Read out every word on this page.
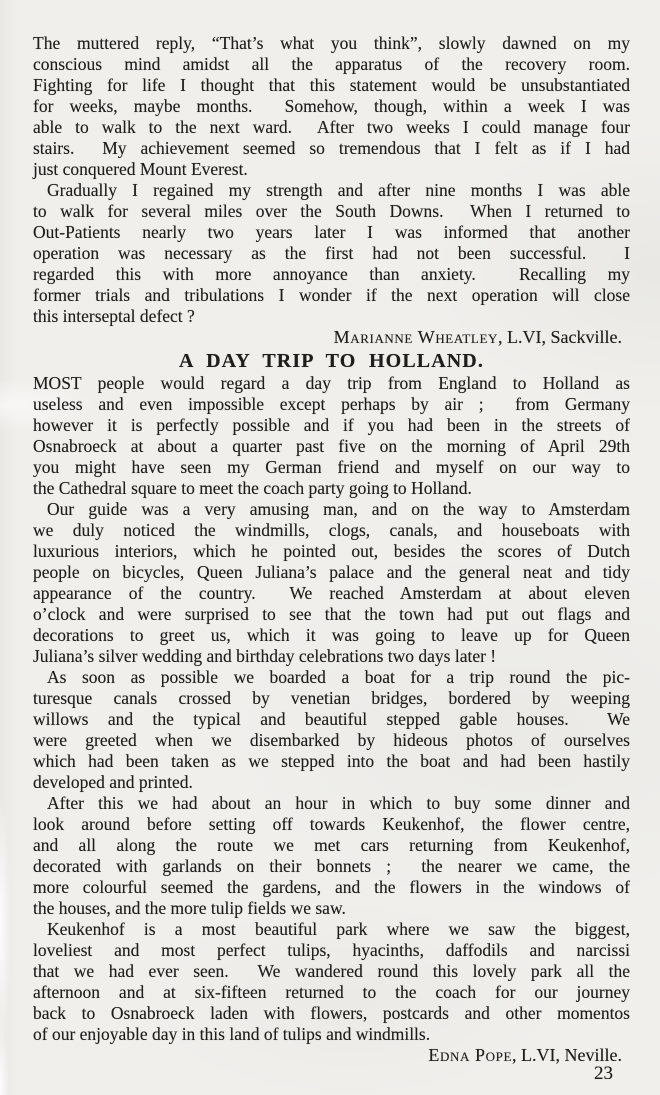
The muttered reply, “That’s what you think”, slowly dawned on my
conscious mind amidst all the apparatus of the recovery room.
Fighting for life I thought that this statement would be unsubstantiated
for weeks, maybe months.  Somehow, though, within a week I was
able to walk to the next ward.  After two weeks I could manage four
stairs.  My achievement seemed so tremendous that I felt as if I had
just conquered Mount Everest.
Gradually I regained my strength and after nine months I was able
to walk for several miles over the South Downs.  When I returned to
Out-Patients nearly two years later I was informed that another
operation was necessary as the first had not been successful.  I
regarded this with more annoyance than anxiety.  Recalling my
former trials and tribulations I wonder if the next operation will close
this interseptal defect ?
Marianne Wheatley, L.VI, Sackville.
A DAY TRIP TO HOLLAND.
MOST people would regard a day trip from England to Holland as
useless and even impossible except perhaps by air ;  from Germany
however it is perfectly possible and if you had been in the streets of
Osnabroeck at about a quarter past five on the morning of April 29th
you might have seen my German friend and myself on our way to
the Cathedral square to meet the coach party going to Holland.
Our guide was a very amusing man, and on the way to Amsterdam
we duly noticed the windmills, clogs, canals, and houseboats with
luxurious interiors, which he pointed out, besides the scores of Dutch
people on bicycles, Queen Juliana’s palace and the general neat and tidy
appearance of the country.  We reached Amsterdam at about eleven
o’clock and were surprised to see that the town had put out flags and
decorations to greet us, which it was going to leave up for Queen
Juliana’s silver wedding and birthday celebrations two days later !
As soon as possible we boarded a boat for a trip round the pic-
turesque canals crossed by venetian bridges, bordered by weeping
willows and the typical and beautiful stepped gable houses.  We
were greeted when we disembarked by hideous photos of ourselves
which had been taken as we stepped into the boat and had been hastily
developed and printed.
After this we had about an hour in which to buy some dinner and
look around before setting off towards Keukenhof, the flower centre,
and all along the route we met cars returning from Keukenhof,
decorated with garlands on their bonnets ;  the nearer we came, the
more colourful seemed the gardens, and the flowers in the windows of
the houses, and the more tulip fields we saw.
Keukenhof is a most beautiful park where we saw the biggest,
loveliest and most perfect tulips, hyacinths, daffodils and narcissi
that we had ever seen.  We wandered round this lovely park all the
afternoon and at six-fifteen returned to the coach for our journey
back to Osnabroeck laden with flowers, postcards and other momentos
of our enjoyable day in this land of tulips and windmills.
Edna Pope, L.VI, Neville.
23
